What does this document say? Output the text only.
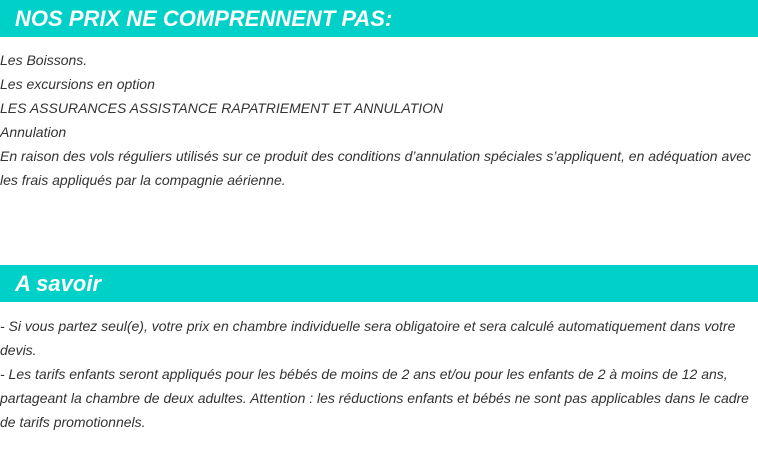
NOS PRIX NE COMPRENNENT PAS:
Les Boissons.
Les excursions en option
LES ASSURANCES ASSISTANCE RAPATRIEMENT ET ANNULATION
Annulation
En raison des vols réguliers utilisés sur ce produit des conditions d’annulation spéciales s’appliquent, en adéquation avec les frais appliqués par la compagnie aérienne.
A savoir
- Si vous partez seul(e), votre prix en chambre individuelle sera obligatoire et sera calculé automatiquement dans votre devis.
- Les tarifs enfants seront appliqués pour les bébés de moins de 2 ans et/ou pour les enfants de 2 à moins de 12 ans, partageant la chambre de deux adultes. Attention : les réductions enfants et bébés ne sont pas applicables dans le cadre de tarifs promotionnels.
